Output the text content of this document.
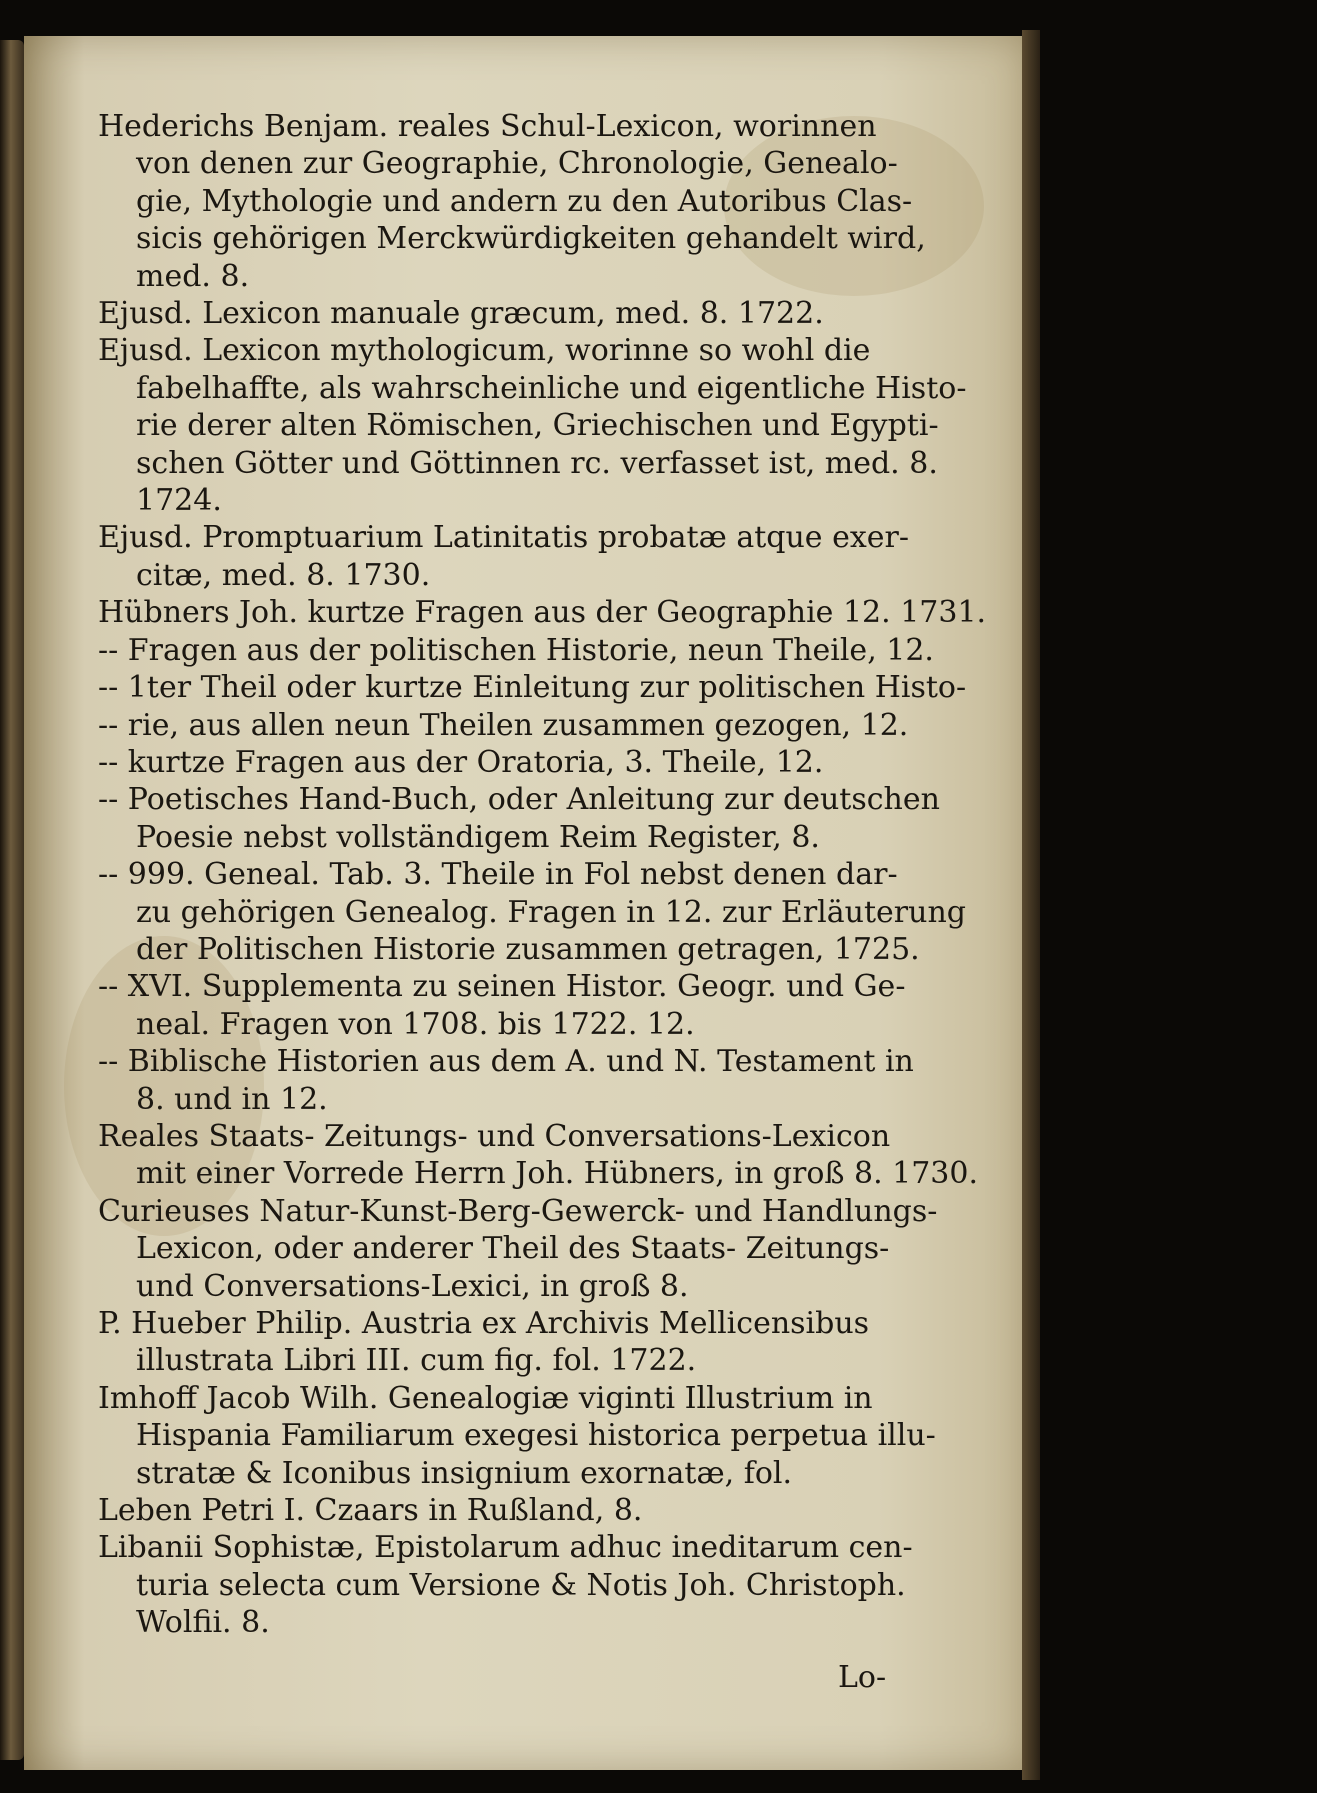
Hederichs Benjam. reales Schul-Lexicon, worinnen
von denen zur Geographie, Chronologie, Genealo-
gie, Mythologie und andern zu den Autoribus Clas-
sicis gehörigen Merckwürdigkeiten gehandelt wird,
med. 8.
Ejusd. Lexicon manuale græcum, med. 8. 1722.
Ejusd. Lexicon mythologicum, worinne so wohl die
fabelhaffte, als wahrscheinliche und eigentliche Histo-
rie derer alten Römischen, Griechischen und Egypti-
schen Götter und Göttinnen rc. verfasset ist, med. 8.
1724.
Ejusd. Promptuarium Latinitatis probatæ atque exer-
citæ, med. 8. 1730.
Hübners Joh. kurtze Fragen aus der Geographie 12. 1731.
-- Fragen aus der politischen Historie, neun Theile, 12.
-- 1ter Theil oder kurtze Einleitung zur politischen Histo-
-- rie, aus allen neun Theilen zusammen gezogen, 12.
-- kurtze Fragen aus der Oratoria, 3. Theile, 12.
-- Poetisches Hand-Buch, oder Anleitung zur deutschen
Poesie nebst vollständigem Reim Register, 8.
-- 999. Geneal. Tab. 3. Theile in Fol nebst denen dar-
zu gehörigen Genealog. Fragen in 12. zur Erläuterung
der Politischen Historie zusammen getragen, 1725.
-- XVI. Supplementa zu seinen Histor. Geogr. und Ge-
neal. Fragen von 1708. bis 1722. 12.
-- Biblische Historien aus dem A. und N. Testament in
8. und in 12.
Reales Staats- Zeitungs- und Conversations-Lexicon
mit einer Vorrede Herrn Joh. Hübners, in groß 8. 1730.
Curieuses Natur-Kunst-Berg-Gewerck- und Handlungs-
Lexicon, oder anderer Theil des Staats- Zeitungs-
und Conversations-Lexici, in groß 8.
P. Hueber Philip. Austria ex Archivis Mellicensibus
illustrata Libri III. cum fig. fol. 1722.
Imhoff Jacob Wilh. Genealogiæ viginti Illustrium in
Hispania Familiarum exegesi historica perpetua illu-
stratæ & Iconibus insignium exornatæ, fol.
Leben Petri I. Czaars in Rußland, 8.
Libanii Sophistæ, Epistolarum adhuc ineditarum cen-
turia selecta cum Versione & Notis Joh. Christoph.
Wolfii. 8.
Lo-
